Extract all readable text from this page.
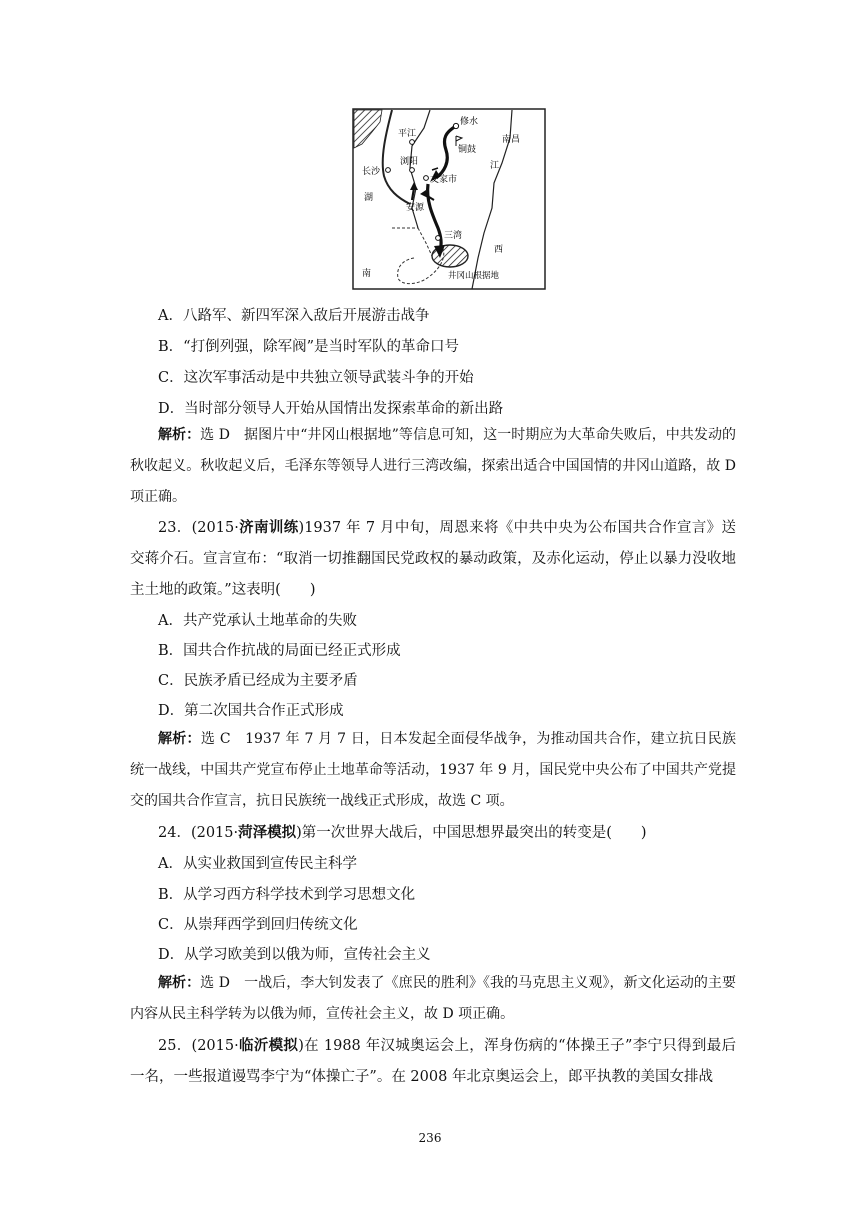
平江
修水
南昌
铜鼓
浏阳	江
长沙
文家市
湖
安源
三湾
西
南	井冈山根据地
A．八路军、新四军深入敌后开展游击战争
B．“打倒列强，除军阀”是当时军队的革命口号
C．这次军事活动是中共独立领导武装斗争的开始
D．当时部分领导人开始从国情出发探索革命的新出路
解析：选 D　据图片中“井冈山根据地”等信息可知，这一时期应为大革命失败后，中共发动的秋收起义。秋收起义后，毛泽东等领导人进行三湾改编，探索出适合中国国情的井冈山道路，故 D 项正确。
23．(2015·济南训练)1937 年 7 月中旬，周恩来将《中共中央为公布国共合作宣言》送交蒋介石。宣言宣布：“取消一切推翻国民党政权的暴动政策，及赤化运动，停止以暴力没收地主土地的政策。”这表明(　　)
A．共产党承认土地革命的失败
B．国共合作抗战的局面已经正式形成
C．民族矛盾已经成为主要矛盾
D．第二次国共合作正式形成
解析：选 C　1937 年 7 月 7 日，日本发起全面侵华战争，为推动国共合作，建立抗日民族统一战线，中国共产党宣布停止土地革命等活动，1937 年 9 月，国民党中央公布了中国共产党提交的国共合作宣言，抗日民族统一战线正式形成，故选 C 项。
24．(2015·菏泽模拟)第一次世界大战后，中国思想界最突出的转变是(　　)
A．从实业救国到宣传民主科学
B．从学习西方科学技术到学习思想文化
C．从崇拜西学到回归传统文化
D．从学习欧美到以俄为师，宣传社会主义
解析：选 D　一战后，李大钊发表了《庶民的胜利》《我的马克思主义观》，新文化运动的主要内容从民主科学转为以俄为师，宣传社会主义，故 D 项正确。
25．(2015·临沂模拟)在 1988 年汉城奥运会上，浑身伤病的“体操王子”李宁只得到最后一名，一些报道谩骂李宁为“体操亡子”。在 2008 年北京奥运会上，郎平执教的美国女排战
236
